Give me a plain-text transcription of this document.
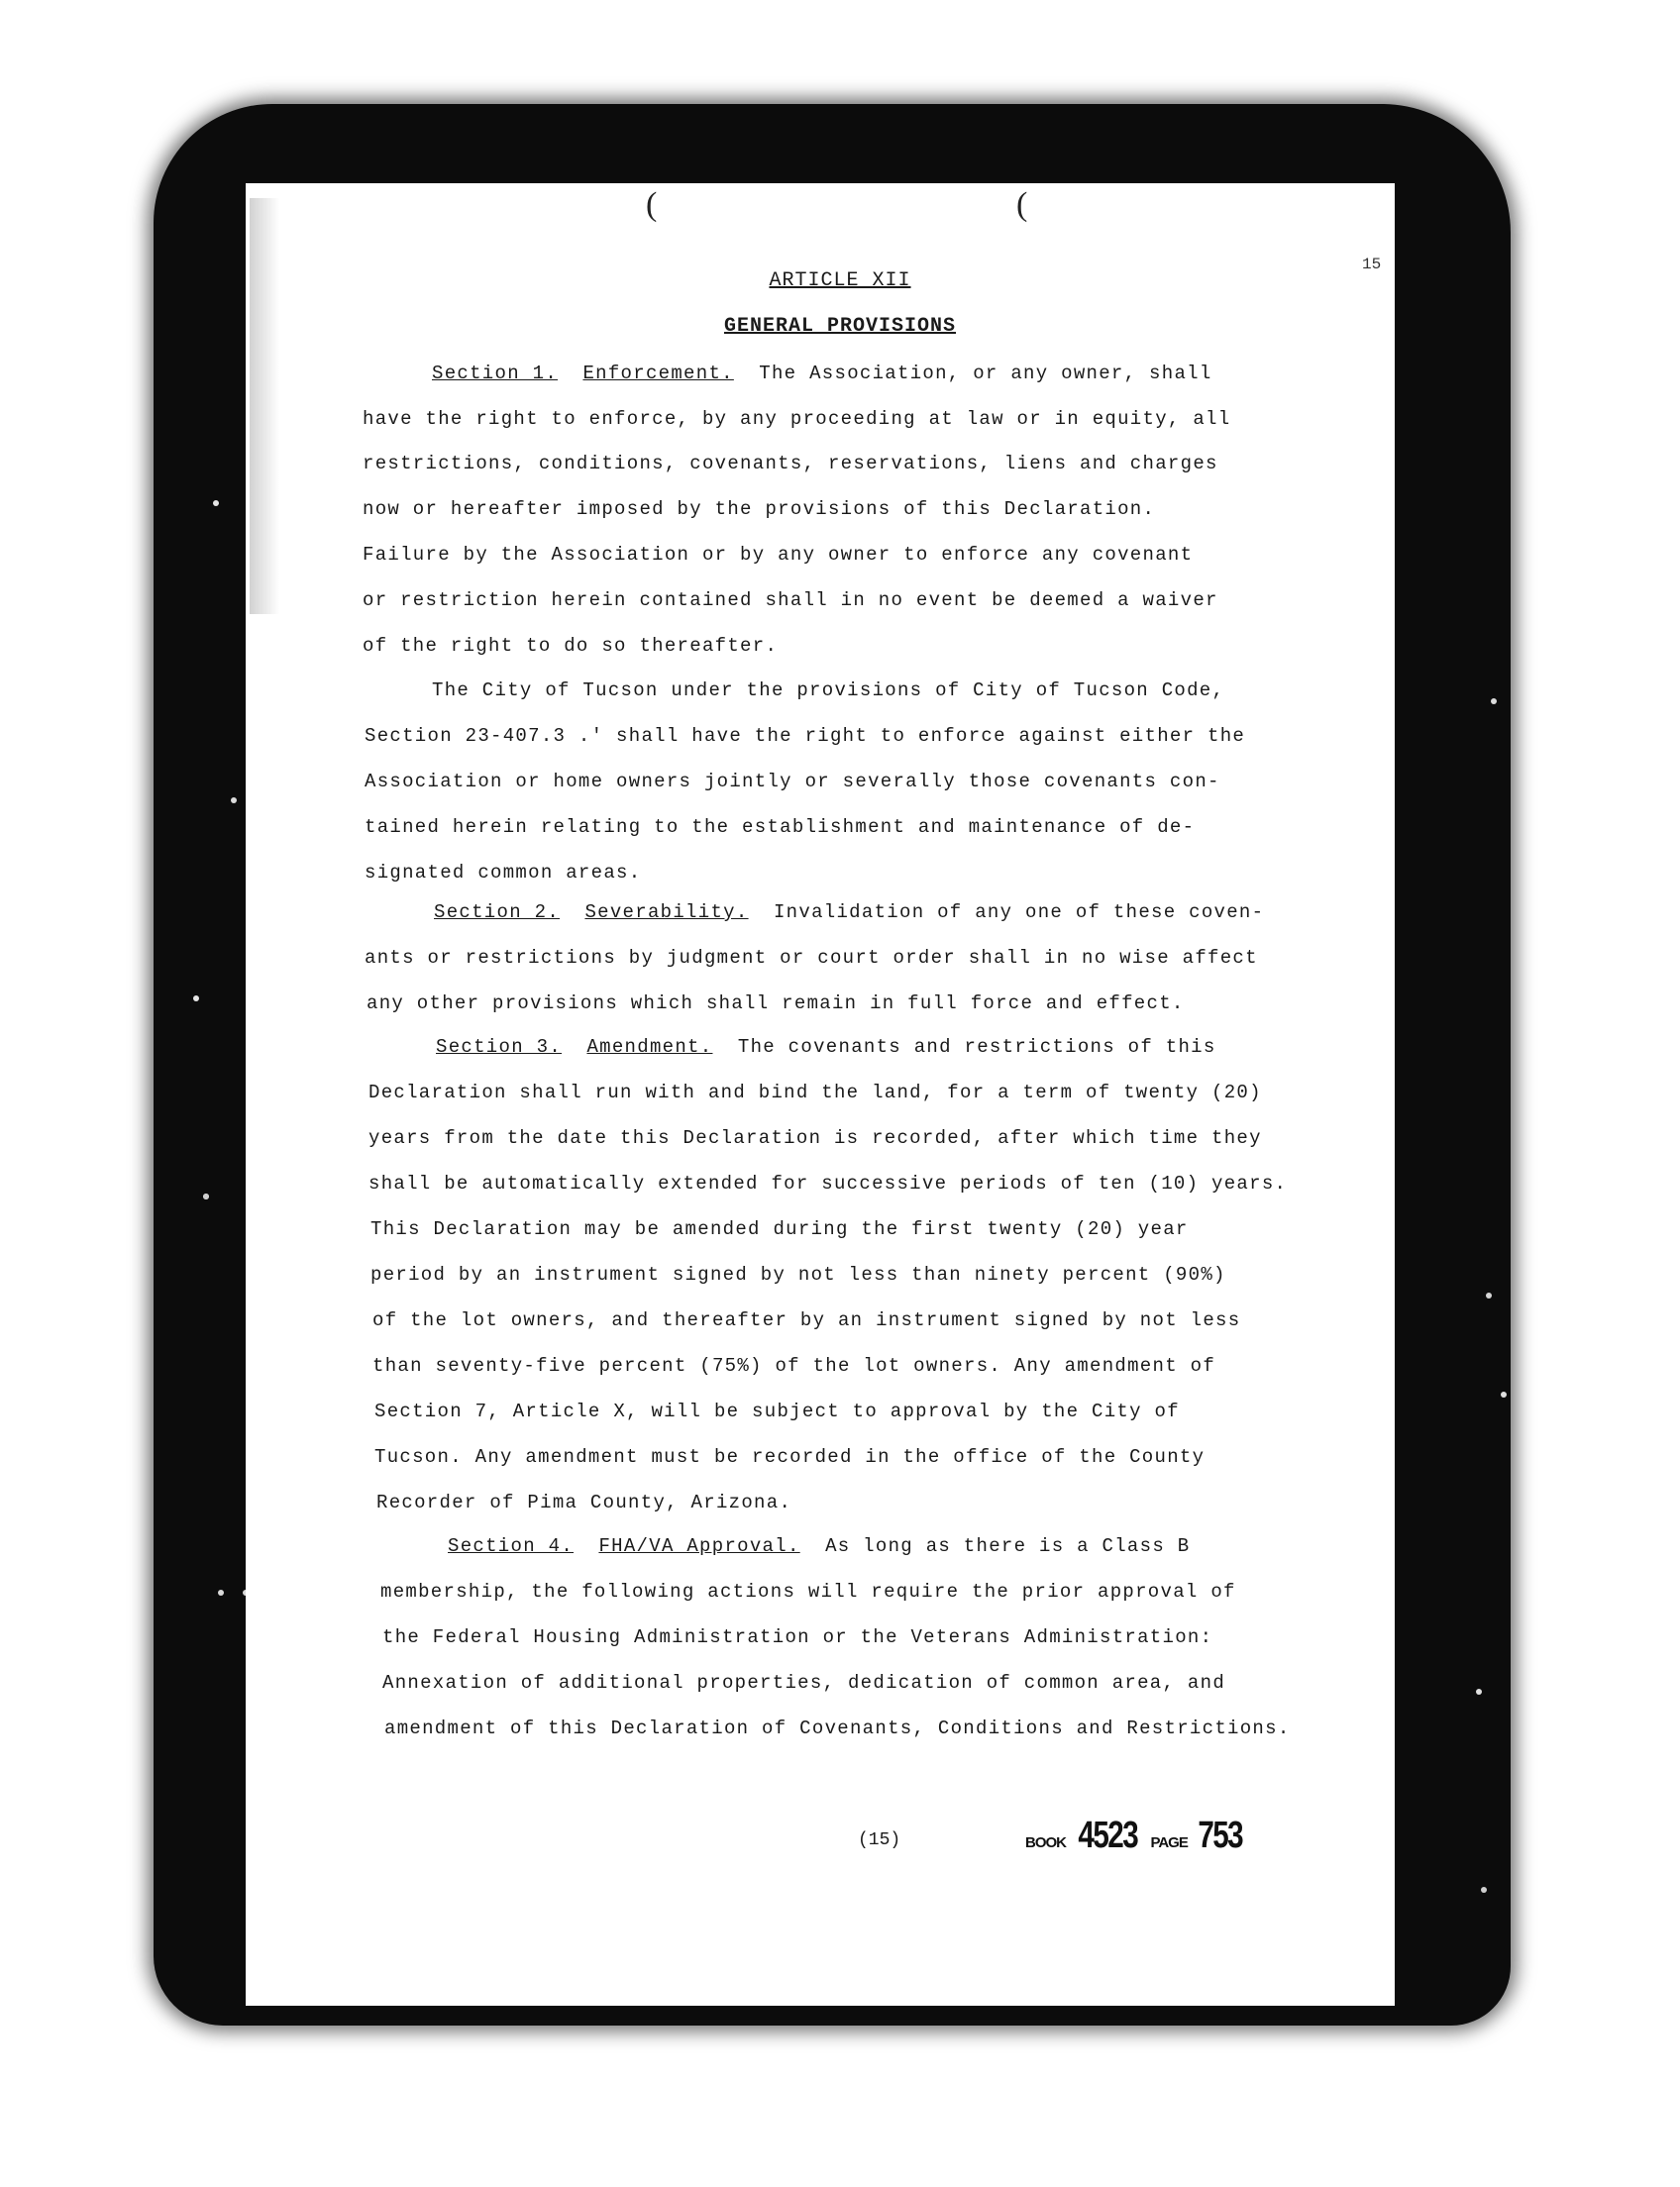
(	(
15
ARTICLE XII
GENERAL PROVISIONS
Section 1. Enforcement. The Association, or any owner, shall
have the right to enforce, by any proceeding at law or in equity, all
restrictions, conditions, covenants, reservations, liens and charges
now or hereafter imposed by the provisions of this Declaration.
Failure by the Association or by any owner to enforce any covenant
or restriction herein contained shall in no event be deemed a waiver
of the right to do so thereafter.
The City of Tucson under the provisions of City of Tucson Code,
Section 23-407.3 .' shall have the right to enforce against either the
Association or home owners jointly or severally those covenants con-
tained herein relating to the establishment and maintenance of de-
signated common areas.
Section 2. Severability. Invalidation of any one of these coven-
ants or restrictions by judgment or court order shall in no wise affect
any other provisions which shall remain in full force and effect.
Section 3. Amendment. The covenants and restrictions of this
Declaration shall run with and bind the land, for a term of twenty (20)
years from the date this Declaration is recorded, after which time they
shall be automatically extended for successive periods of ten (10) years.
This Declaration may be amended during the first twenty (20) year
period by an instrument signed by not less than ninety percent (90%)
of the lot owners, and thereafter by an instrument signed by not less
than seventy-five percent (75%) of the lot owners. Any amendment of
Section 7, Article X, will be subject to approval by the City of
Tucson. Any amendment must be recorded in the office of the County
Recorder of Pima County, Arizona.
Section 4. FHA/VA Approval. As long as there is a Class B
membership, the following actions will require the prior approval of
the Federal Housing Administration or the Veterans Administration:
Annexation of additional properties, dedication of common area, and
amendment of this Declaration of Covenants, Conditions and Restrictions.
(15)	BOOK 4523 PAGE 753
